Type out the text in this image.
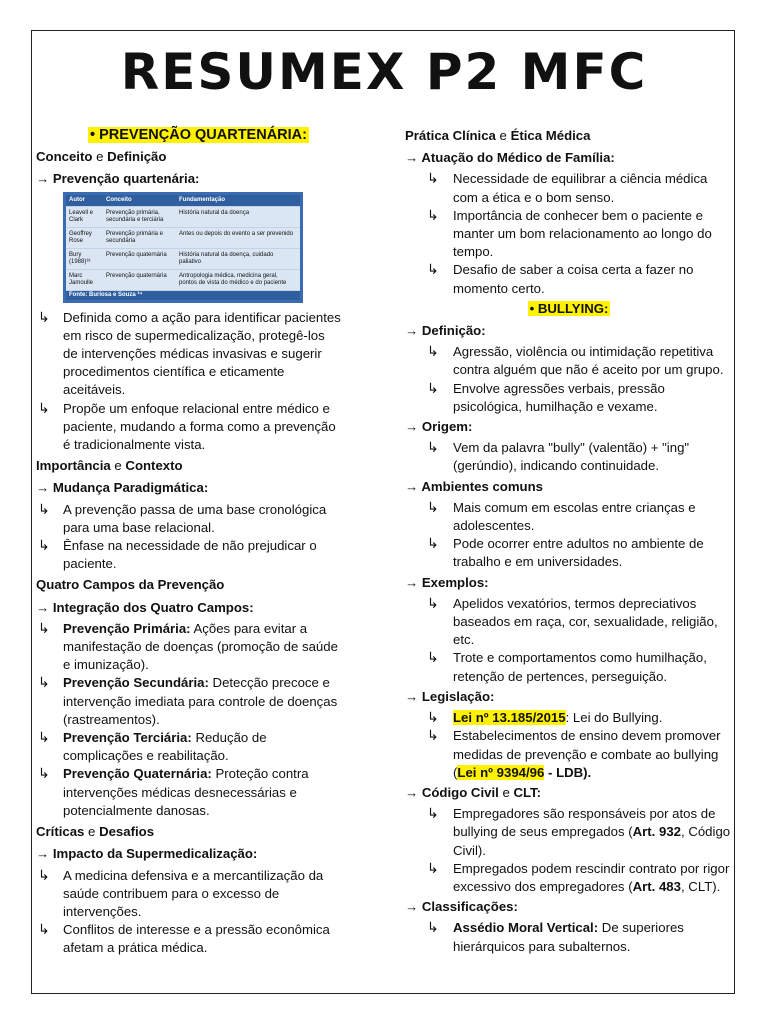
RESUMEX P2 MFC
• PREVENÇÃO QUARTENÁRIA:
Conceito e Definição
→ Prevenção quartenária:
Autor	Conceito	Fundamentação
Leavell e Clark	Prevenção primária, secundária e terciária	História natural da doença
Geoffrey Rose	Prevenção primária e secundária	Antes ou depois do evento a ser prevenido
Bury (1988)³³	Prevenção quaternária	História natural da doença, cuidado paliativo
Marc Jamoulle	Prevenção quaternária	Antropologia médica, medicina geral, pontos de vista do médico e do paciente
Fonte: Buriosa e Souza ³⁴		

↳ Definida como a ação para identificar pacientes em risco de supermedicalização, protegê-los de intervenções médicas invasivas e sugerir procedimentos científica e eticamente aceitáveis.

↳ Propõe um enfoque relacional entre médico e paciente, mudando a forma como a prevenção é tradicionalmente vista.

Importância e Contexto
→ Mudança Paradigmática:

↳ A prevenção passa de uma base cronológica para uma base relacional.

↳ Ênfase na necessidade de não prejudicar o paciente.

Quatro Campos da Prevenção
→ Integração dos Quatro Campos:

↳ Prevenção Primária: Ações para evitar a manifestação de doenças (promoção de saúde e imunização).

↳ Prevenção Secundária: Detecção precoce e intervenção imediata para controle de doenças (rastreamentos).

↳ Prevenção Terciária: Redução de complicações e reabilitação.

↳ Prevenção Quaternária: Proteção contra intervenções médicas desnecessárias e potencialmente danosas.

Críticas e Desafios
→ Impacto da Supermedicalização:

↳ A medicina defensiva e a mercantilização da saúde contribuem para o excesso de intervenções.

↳ Conflitos de interesse e a pressão econômica afetam a prática médica.

Prática Clínica e Ética Médica
→ Atuação do Médico de Família:

↳ Necessidade de equilibrar a ciência médica com a ética e o bom senso.

↳ Importância de conhecer bem o paciente e manter um bom relacionamento ao longo do tempo.

↳ Desafio de saber a coisa certa a fazer no momento certo.

• BULLYING:
→ Definição:

↳ Agressão, violência ou intimidação repetitiva contra alguém que não é aceito por um grupo.

↳ Envolve agressões verbais, pressão psicológica, humilhação e vexame.

→ Origem:

↳ Vem da palavra "bully" (valentão) + "ing" (gerúndio), indicando continuidade.

→ Ambientes comuns

↳ Mais comum em escolas entre crianças e adolescentes.

↳ Pode ocorrer entre adultos no ambiente de trabalho e em universidades.

→ Exemplos:

↳ Apelidos vexatórios, termos depreciativos baseados em raça, cor, sexualidade, religião, etc.

↳ Trote e comportamentos como humilhação, retenção de pertences, perseguição.

→ Legislação:

↳ Lei nº 13.185/2015: Lei do Bullying.

↳ Estabelecimentos de ensino devem promover medidas de prevenção e combate ao bullying (Lei nº 9394/96 - LDB).

→ Código Civil e CLT:

↳ Empregadores são responsáveis por atos de bullying de seus empregados (Art. 932, Código Civil).

↳ Empregados podem rescindir contrato por rigor excessivo dos empregadores (Art. 483, CLT).

→ Classificações:

↳ Assédio Moral Vertical: De superiores hierárquicos para subalternos.
